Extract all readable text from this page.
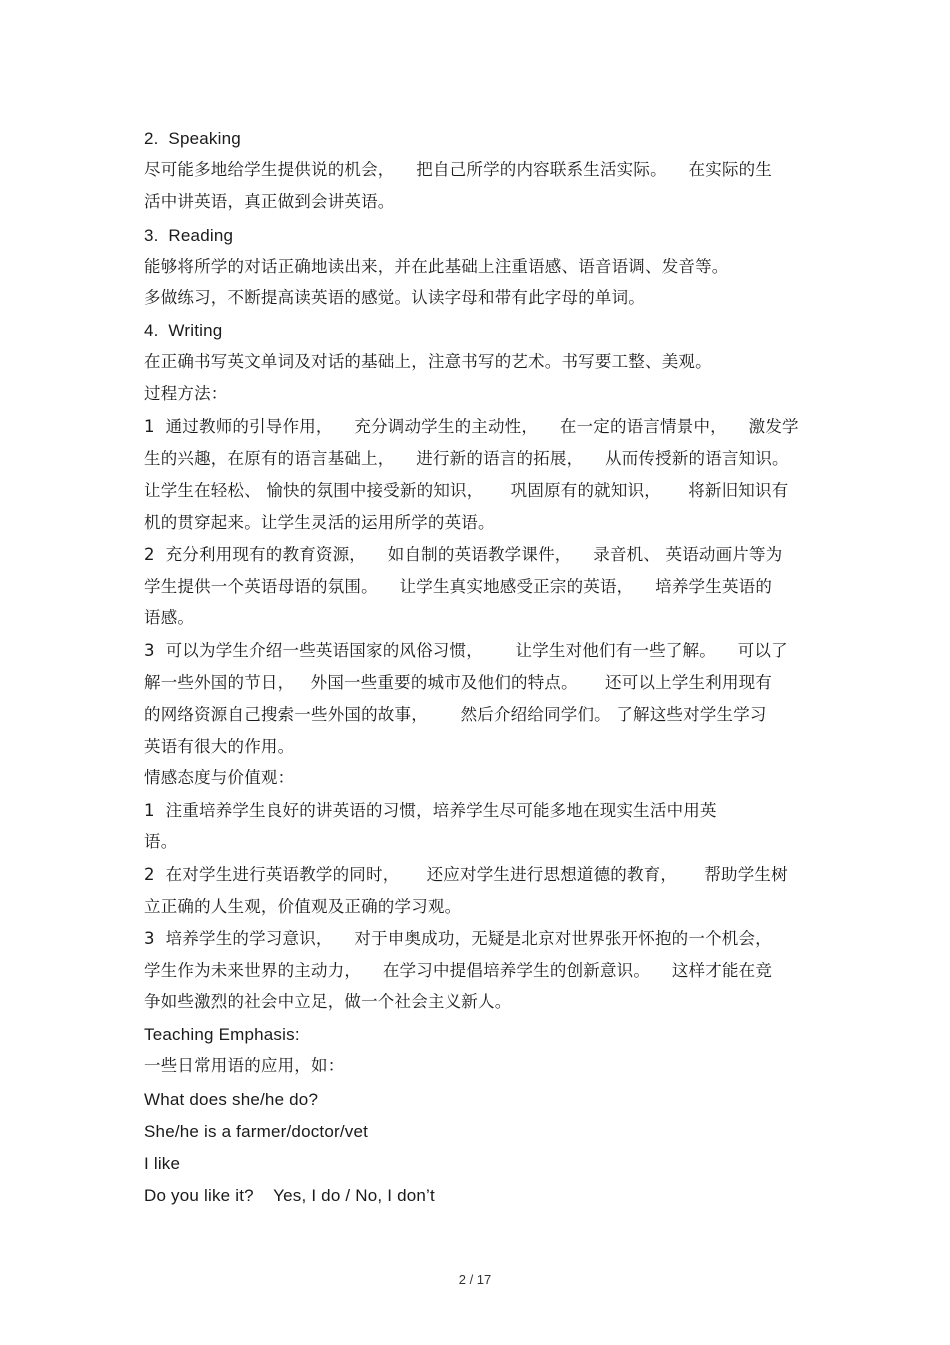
2.  Speaking
尽可能多地给学生提供说的机会，    把自己所学的内容联系生活实际。    在实际的生
活中讲英语，真正做到会讲英语。
3.  Reading
能够将所学的对话正确地读出来，并在此基础上注重语感、语音语调、发音等。
多做练习，不断提高读英语的感觉。认读字母和带有此字母的单词。
4.  Writing
在正确书写英文单词及对话的基础上，注意书写的艺术。书写要工整、美观。
过程方法：
1  通过教师的引导作用，    充分调动学生的主动性，    在一定的语言情景中，    激发学
生的兴趣，在原有的语言基础上，    进行新的语言的拓展，    从而传授新的语言知识。
让学生在轻松、 愉快的氛围中接受新的知识，     巩固原有的就知识，     将新旧知识有
机的贯穿起来。让学生灵活的运用所学的英语。
2  充分利用现有的教育资源，    如自制的英语教学课件，    录音机、 英语动画片等为
学生提供一个英语母语的氛围。    让学生真实地感受正宗的英语，    培养学生英语的
语感。
3  可以为学生介绍一些英语国家的风俗习惯，      让学生对他们有一些了解。    可以了
解一些外国的节日，   外国一些重要的城市及他们的特点。     还可以上学生利用现有
的网络资源自己搜索一些外国的故事，      然后介绍给同学们。 了解这些对学生学习
英语有很大的作用。
情感态度与价值观：
1  注重培养学生良好的讲英语的习惯，培养学生尽可能多地在现实生活中用英
语。
2  在对学生进行英语教学的同时，     还应对学生进行思想道德的教育，     帮助学生树
立正确的人生观，价值观及正确的学习观。
3  培养学生的学习意识，    对于申奥成功，无疑是北京对世界张开怀抱的一个机会，
学生作为未来世界的主动力，    在学习中提倡培养学生的创新意识。    这样才能在竞
争如些激烈的社会中立足，做一个社会主义新人。
Teaching Emphasis:
一些日常用语的应用，如：
What does she/he do?
She/he is a farmer/doctor/vet
I like
Do you like it?    Yes, I do / No, I don’t
2 / 17
